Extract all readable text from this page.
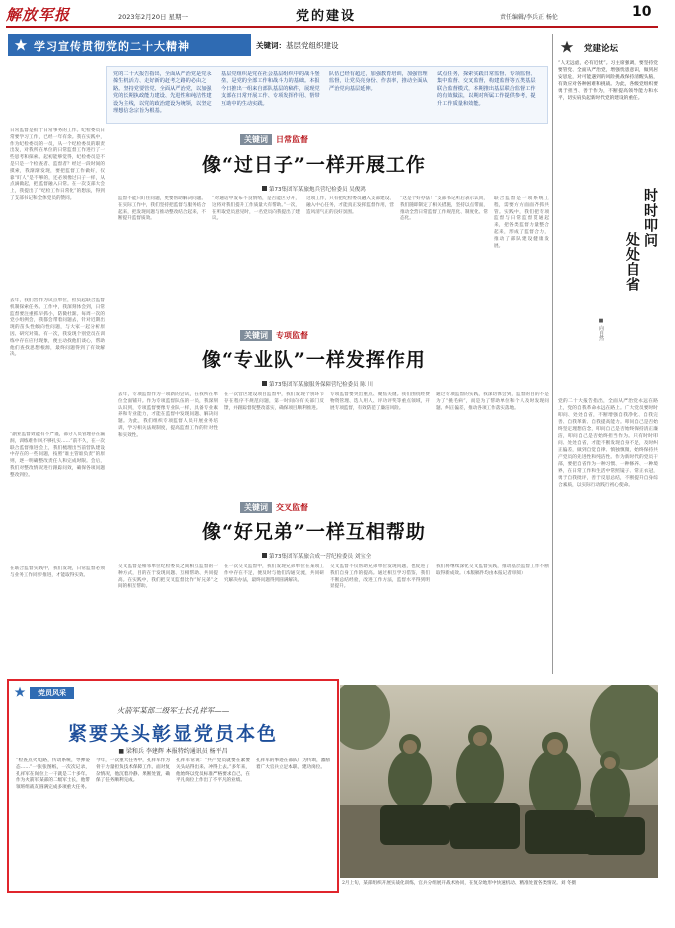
解放军报	2023年2月20日 星期一	党的建设	责任编辑/李兵正 杨伦	10
学习宣传贯彻党的二十大精神	关键词：基层党组织建设
党的二十大报告指出，全面从严治党是党永葆生机活力、走好新的赶考之路的必由之路。坚持党要管党、全面从严治党，以加强党的长期执政能力建设、先进性和纯洁性建设为主线，以党的政治建设为统领，以坚定理想信念宗旨为根基。
基层党组织是党在社会基层组织中的战斗堡垒，是党的全部工作和战斗力的基础。本报今日推出一组来自部队基层的稿件，展现党支部在日常开展工作、专项发挥作用、帮带互助中的生动实践。
队伍已经有超过，加强教育培训，加强管理监督，让党员亮身份、作表率，推动全面从严治党向基层延伸。
试点任务，探索实践日常监督、专项监督、集中监督、交叉监督，构建监督等五类基层联合监督模式，本期推出基层联合监督工作的有效做法，以期对所属工作提供参考，提升工作质量和效能。
日常监督是衔于日常事务的工作。纪检委员日常要学习工作，已经一年有余。我在实践中，作为纪检委员的一员，从一个纪检委员的职责出发，对我所在单位的日常监督工作进行了一些思考和探索。起初能够觉得，纪检委员是不是只是一个检查者、监督者？经过一段时间的摸索，我渐渐发现，要把监督工作做好，仅靠“盯人”是不够的，还必须像过日子一样，从点滴做起，把监督融入日常。在一次支部大会上，我提出了“纪检工作日常化”的想法，得到了支部书记和全体党员的赞同。
去年，我们营作为试点单位，担负起联合监督机制探索任务。工作中，我深刻体会到，日常监督要注重抓早抓小，防微杜渐。每周一次的党小组例会，我都会带着问题去，针对近期出现的苗头性倾向性问题，与大家一起分析原因、研究对策。有一次，我发现个别党员在训练中存在应付现象，便主动找他们谈心，帮助他们查找思想根源，最终问题得到了有效解决。
“副业监督效能有不严谨，部分人员管理存在漏洞，训练难作风不够扎实……”前不久，在一次联合监督推进会上，我们梳理出当前营队建设中存在的一些问题，按照“谁主管谁负责”的原则，逐一明确整改责任人和完成时限。会后，我们对整改情况进行跟踪问效，确保各项问题整改到位。
在联合监督实践中，我们发现，日常监督必须与业务工作同步推进，才能取得实效。
关键词 日常监督
像“过日子”一样开展工作
第73集团军某旅炮兵营纪检委员 吴俊鸿
监督不能只盯住问题，更要帮助解决问题。在实际工作中，我们坚持把监督与服务结合起来，把发现问题与推动整改结合起来，不断提升监督质效。
“对通话中发布不良情绪，是否能区分开，这将对我们提升工作质量大有帮助。”一次，在听取党员意见时，一名党员向我提出了建议。
这项工作，只有把纪检委员融入支部建设、融入中心任务，才能真正发挥监督作用，营造风清气正的良好氛围。
“这是个好办法！”支部书记听后表示认同，我们随即制定了相关措施，坚持以点带面，推动全营日常监督工作规范化、制度化、常态化。
联合监督是一项系统工程，需要方方面面齐抓共管。实践中，我们把专项监督与日常监督贯通起来，把各类监督力量整合起来，形成了监督合力，推动了部队建设健康发展。
关键词 专项监督
像“专业队”一样发挥作用
第73集团军某旅服务保障营纪检委员 陈 川
去年，专项监督作为一项新的尝试，在我所在单位全面铺开。作为专项监督队伍的一员，我深刻认识到，专项监督要像专业队一样，具备专业素养和专业能力，才能在监督中发现问题、解决问题。为此，我们组织专项监督人员开展业务培训，学习相关法规制度，提高监督工作的针对性和实效性。
在一次营区建设项目监督中，我们发现个别环节存在程序不规范问题，第一时间向有关部门反馈，并跟踪督促整改落实，确保项目顺利推进。
专项监督要突出重点、聚焦关键。我们围绕经费物资管理、选人用人、评功评奖等重点领域，开展专项监督，有效防范了廉洁风险。
通过专项监督的实践，我深切体会到，监督的目的不是为了“挑毛病”，而是为了帮助单位和个人及时发现问题、纠正偏差，推动各项工作落实落地。
关键词 交叉监督
像“好兄弟”一样互相帮助
第73集团军某旅合成一营纪检委员 刘宝全
交叉监督是相邻单位纪检委员之间相互监督的一种方式，目的在于发现问题、互相帮助、共同提高。在实践中，我们把交叉监督比作“好兄弟”之间的相互帮助。
在一次交叉监督中，我们发现兄弟单位在某项工作中存在不足，便及时与他们沟通交流，共同研究解决办法，最终问题得到圆满解决。
交叉监督不仅帮助兄弟单位发现问题，也促进了我们自身工作的提高。通过相互学习借鉴，我们不断总结经验，改进工作方法，监督水平得到明显提升。
我们将继续深化交叉监督实践，推动基层监督工作不断取得新成效。（本版稿件均由本报记者审阅）
党建论坛
“人无远虑，必有近忧”。习主席强调，要坚持党要管党、全面从严治党，增强忧患意识，做到居安思危，对可能遇到的风险挑战保持清醒头脑，有效应对各种困难和挑战。为此，各级党组织要勇于担当、善于作为，不断提高领导能力和水平，切实肩负起新时代党的建设的重任。
时时叩问
处处自省
■ 向自然
党的二十大报告指出，全面从严治党永远在路上，党的自我革命永远在路上。广大党员要时时叩问、处处自省，不断增强自我净化、自我完善、自我革新、自我提高能力。叩问自己是否始终坚定理想信念，叩问自己是否始终保持清正廉洁，叩问自己是否始终担当作为。只有时时叩问、处处自省，才能不断发现自身不足，及时纠正偏差，做到自觉自律、慎独慎微，始终保持共产党员的先进性和纯洁性。作为新时代的党员干部，要把自省作为一种习惯、一种修养、一种境界，在日常工作和生活中常照镜子、常正衣冠，勇于自我批评，善于反思总结，不断提升自身综合素质，以实际行动践行初心使命。
党员风采
火箭军某部二级军士长孔祥军——
紧要关头彰显党员本色
■ 梁和兵 李建辉 本报特约通讯员 杨平昌
“检查点火电路，传动系统，导弹姿态……”一张张图纸，一次次记录，孔祥军在岗位上一干就是二十多年。作为火箭军某部的二级军士长，他带领班组战友圆满完成多项重大任务。
今年，一次重大任务中，孔祥军作为骨干力量担负技术保障工作。面对复杂情况，他沉着冷静、果断处置，确保了任务顺利完成。
孔祥军常说：“共产党员就要在紧要关头站得出来、冲得上去。”多年来，他始终以党员标准严格要求自己，在平凡岗位上作出了不平凡的业绩。
孔祥军的事迹在部队广为传颂，激励着广大官兵立足本职、建功岗位。
2月上旬，某部组织开展实战化训练，官兵分组展开战术协同，在复杂地形中快速机动、精准处置各类情况。刘 冬摄
